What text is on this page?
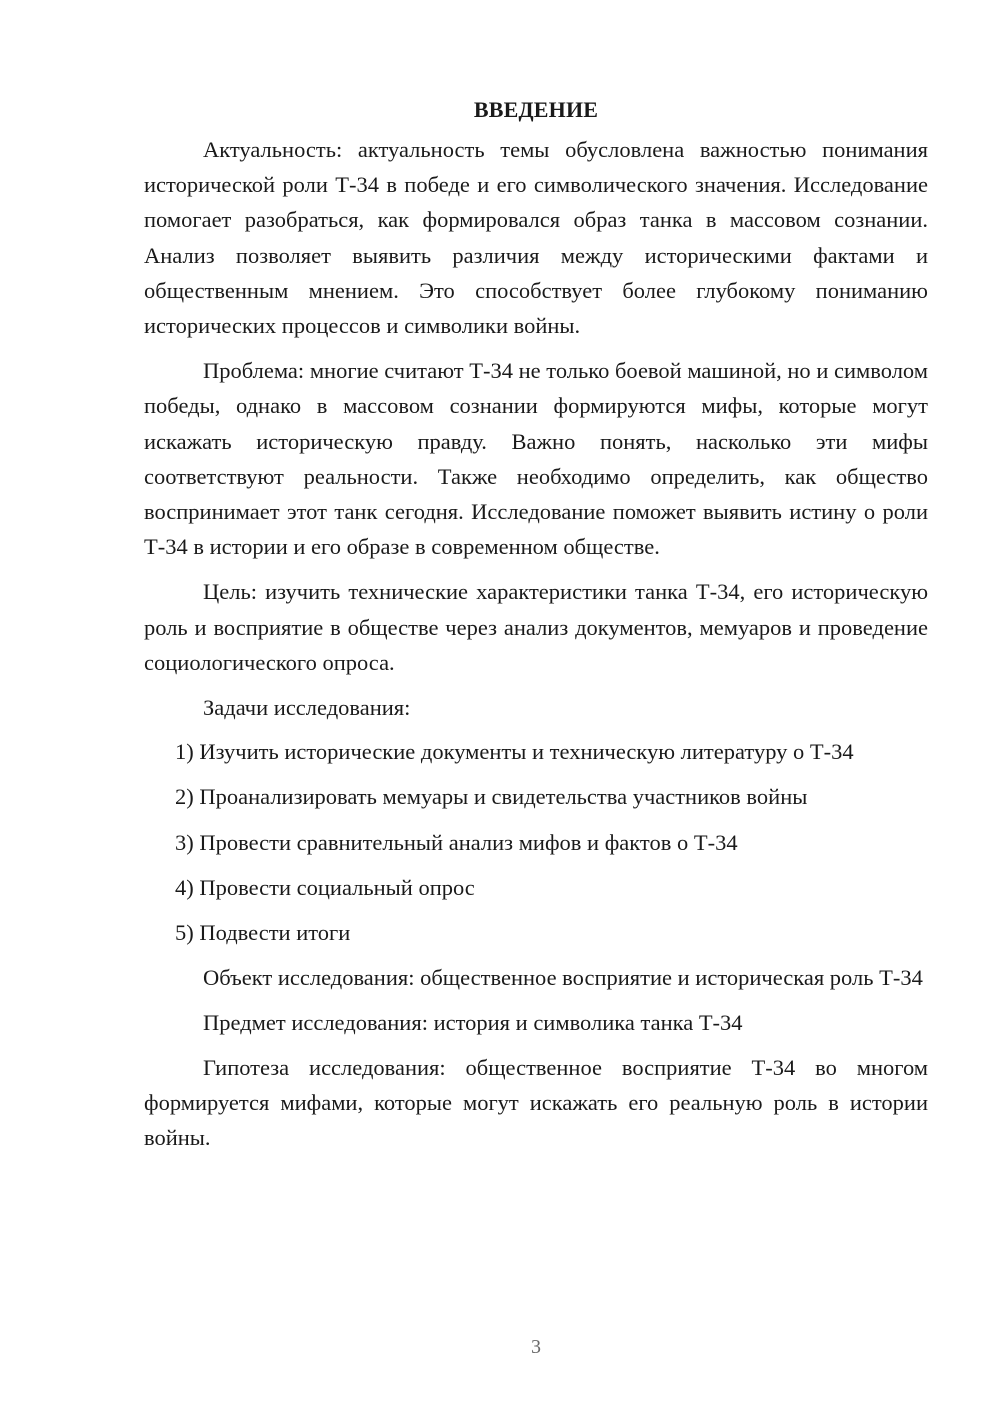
ВВЕДЕНИЕ

Актуальность: актуальность темы обусловлена важностью понимания исторической роли Т-34 в победе и его символического значения. Исследование помогает разобраться, как формировался образ танка в массовом сознании. Анализ позволяет выявить различия между историческими фактами и общественным мнением. Это способствует более глубокому пониманию исторических процессов и символики войны.

Проблема: многие считают Т-34 не только боевой машиной, но и символом победы, однако в массовом сознании формируются мифы, которые могут искажать историческую правду. Важно понять, насколько эти мифы соответствуют реальности. Также необходимо определить, как общество воспринимает этот танк сегодня. Исследование поможет выявить истину о роли Т-34 в истории и его образе в современном обществе.

Цель: изучить технические характеристики танка Т-34, его историческую роль и восприятие в обществе через анализ документов, мемуаров и проведение социологического опроса.

Задачи исследования:

1) Изучить исторические документы и техническую литературу о Т-34
2) Проанализировать мемуары и свидетельства участников войны
3) Провести сравнительный анализ мифов и фактов о Т-34
4) Провести социальный опрос
5) Подвести итоги

Объект исследования: общественное восприятие и историческая роль Т-34

Предмет исследования: история и символика танка Т-34

Гипотеза исследования: общественное восприятие Т-34 во многом формируется мифами, которые могут искажать его реальную роль в истории войны.

3
